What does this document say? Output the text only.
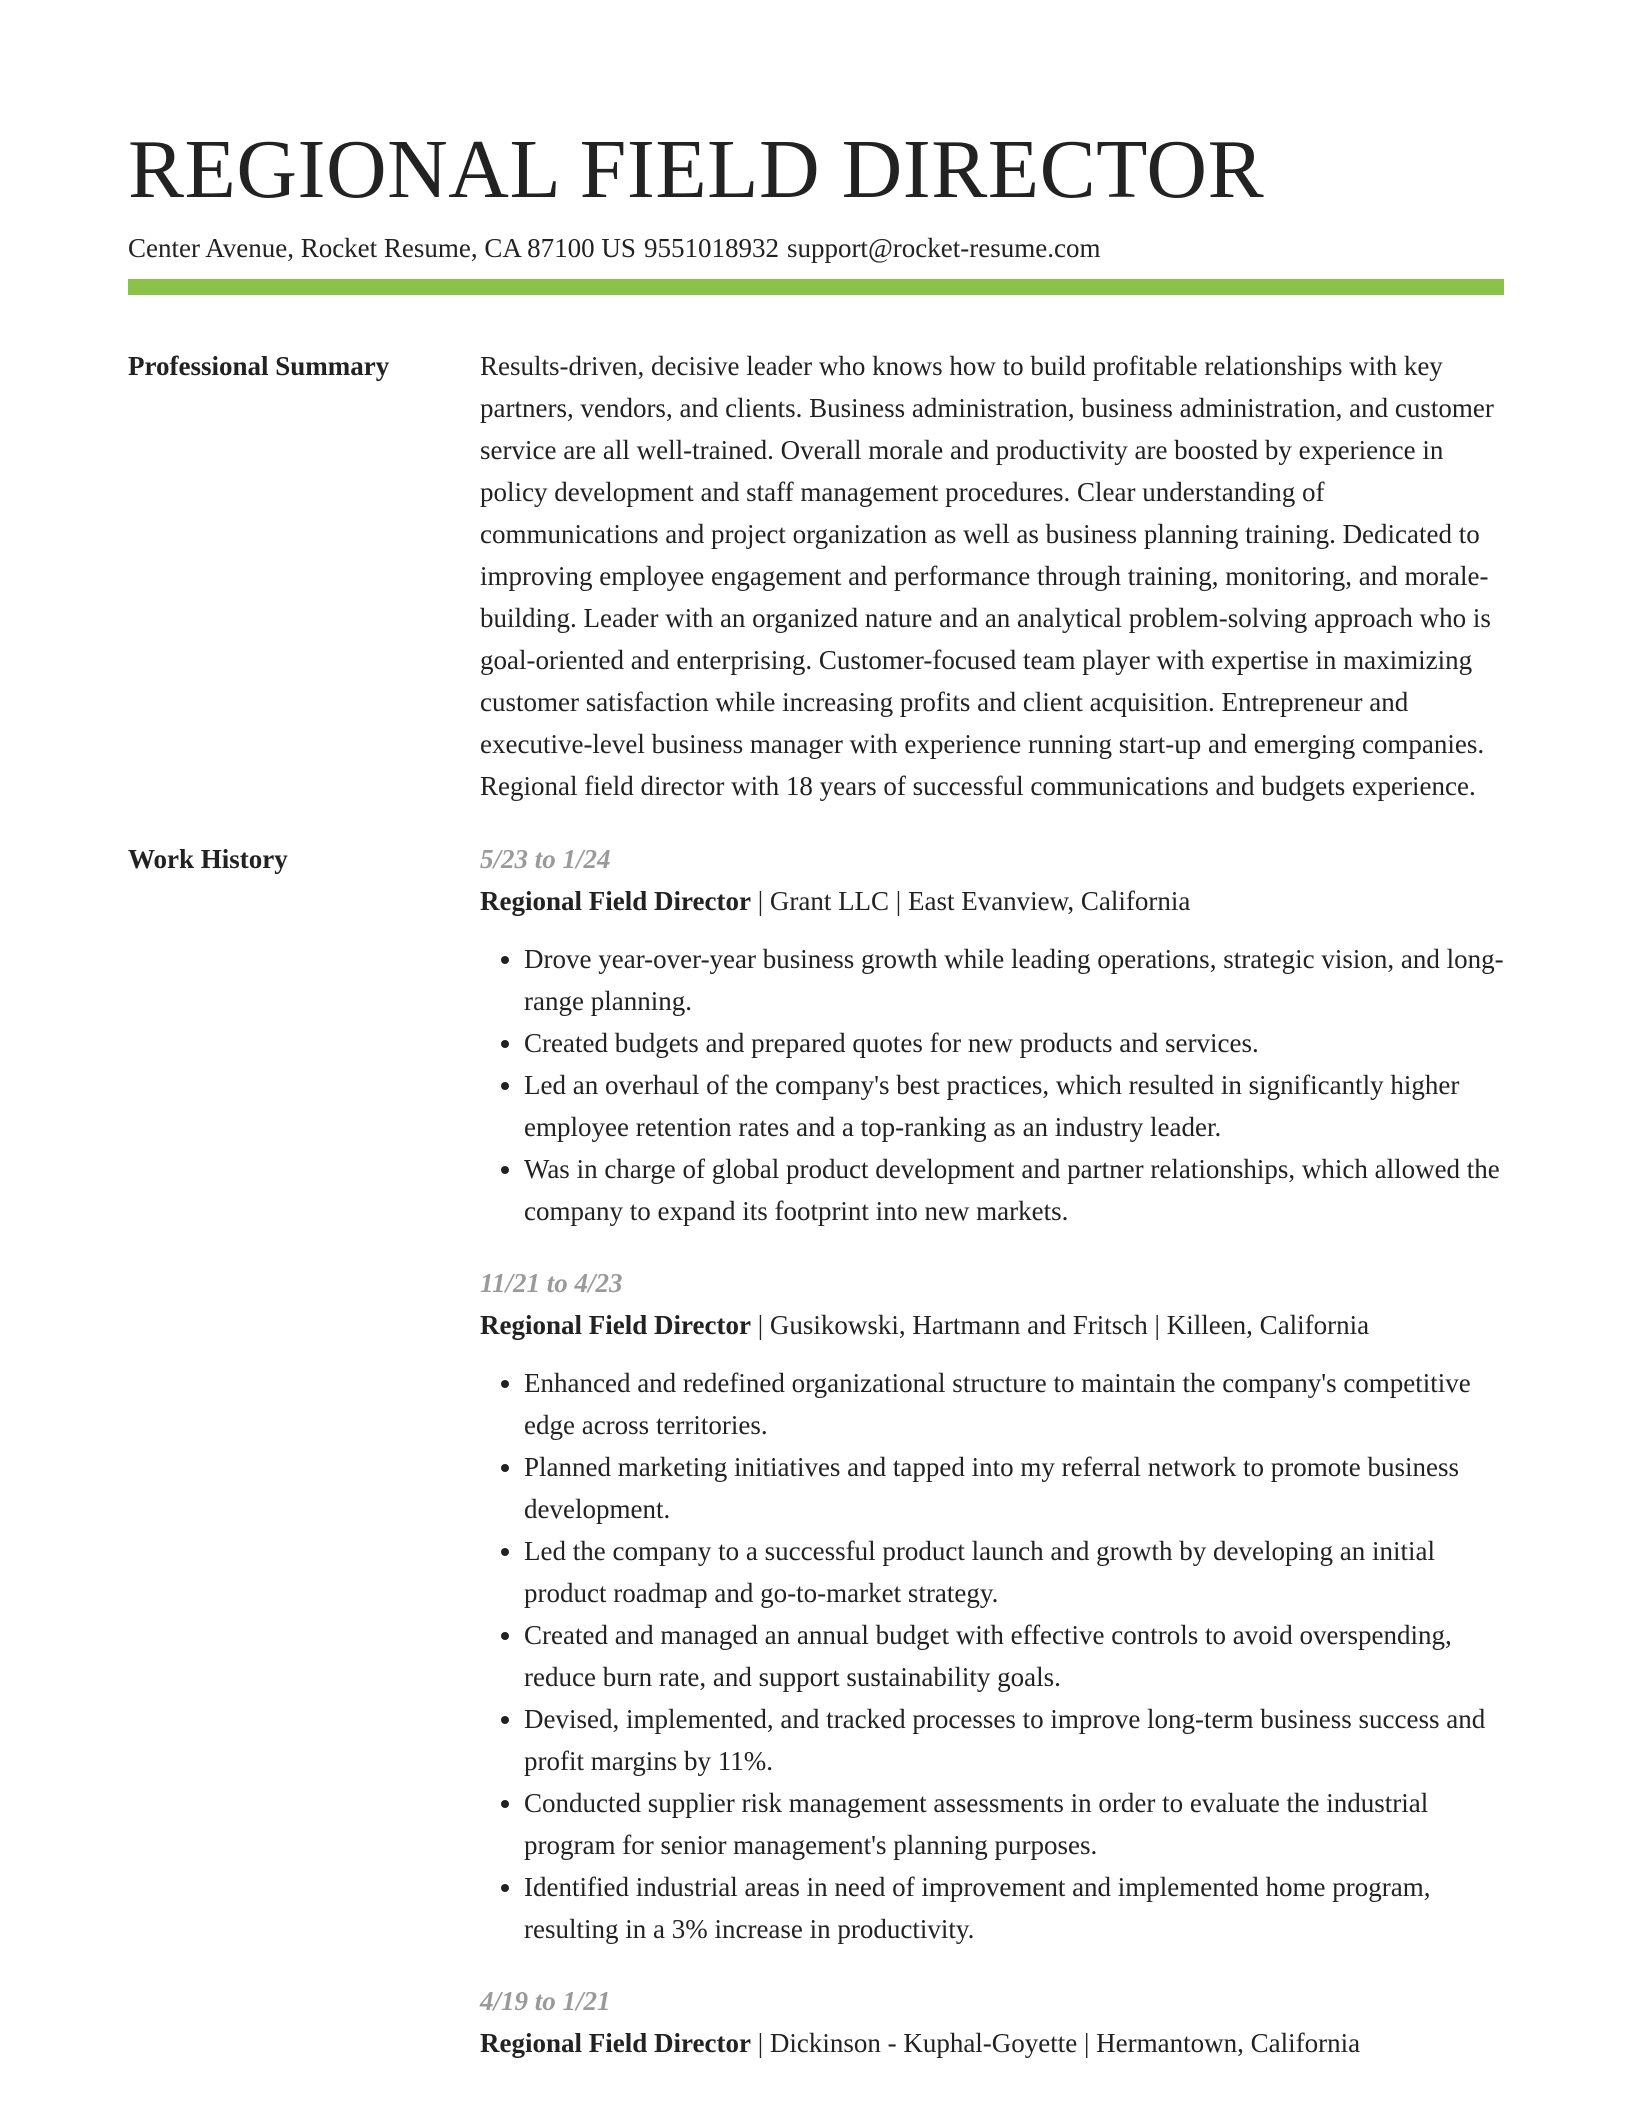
REGIONAL FIELD DIRECTOR
Center Avenue, Rocket Resume, CA 87100 US 9551018932 support@rocket-resume.com
Professional Summary	Results-driven, decisive leader who knows how to build profitable relationships with key partners, vendors, and clients. Business administration, business administration, and customer service are all well-trained. Overall morale and productivity are boosted by experience in policy development and staff management procedures. Clear understanding of communications and project organization as well as business planning training. Dedicated to improving employee engagement and performance through training, monitoring, and morale-building. Leader with an organized nature and an analytical problem-solving approach who is goal-oriented and enterprising. Customer-focused team player with expertise in maximizing customer satisfaction while increasing profits and client acquisition. Entrepreneur and executive-level business manager with experience running start-up and emerging companies. Regional field director with 18 years of successful communications and budgets experience.

Work History	5/23 to 1/24
Regional Field Director | Grant LLC | East Evanview, California
• Drove year-over-year business growth while leading operations, strategic vision, and long-range planning.
• Created budgets and prepared quotes for new products and services.
• Led an overhaul of the company's best practices, which resulted in significantly higher employee retention rates and a top-ranking as an industry leader.
• Was in charge of global product development and partner relationships, which allowed the company to expand its footprint into new markets.
11/21 to 4/23
Regional Field Director | Gusikowski, Hartmann and Fritsch | Killeen, California
• Enhanced and redefined organizational structure to maintain the company's competitive edge across territories.
• Planned marketing initiatives and tapped into my referral network to promote business development.
• Led the company to a successful product launch and growth by developing an initial product roadmap and go-to-market strategy.
• Created and managed an annual budget with effective controls to avoid overspending, reduce burn rate, and support sustainability goals.
• Devised, implemented, and tracked processes to improve long-term business success and profit margins by 11%.
• Conducted supplier risk management assessments in order to evaluate the industrial program for senior management's planning purposes.
• Identified industrial areas in need of improvement and implemented home program, resulting in a 3% increase in productivity.
4/19 to 1/21
Regional Field Director | Dickinson - Kuphal-Goyette | Hermantown, California
